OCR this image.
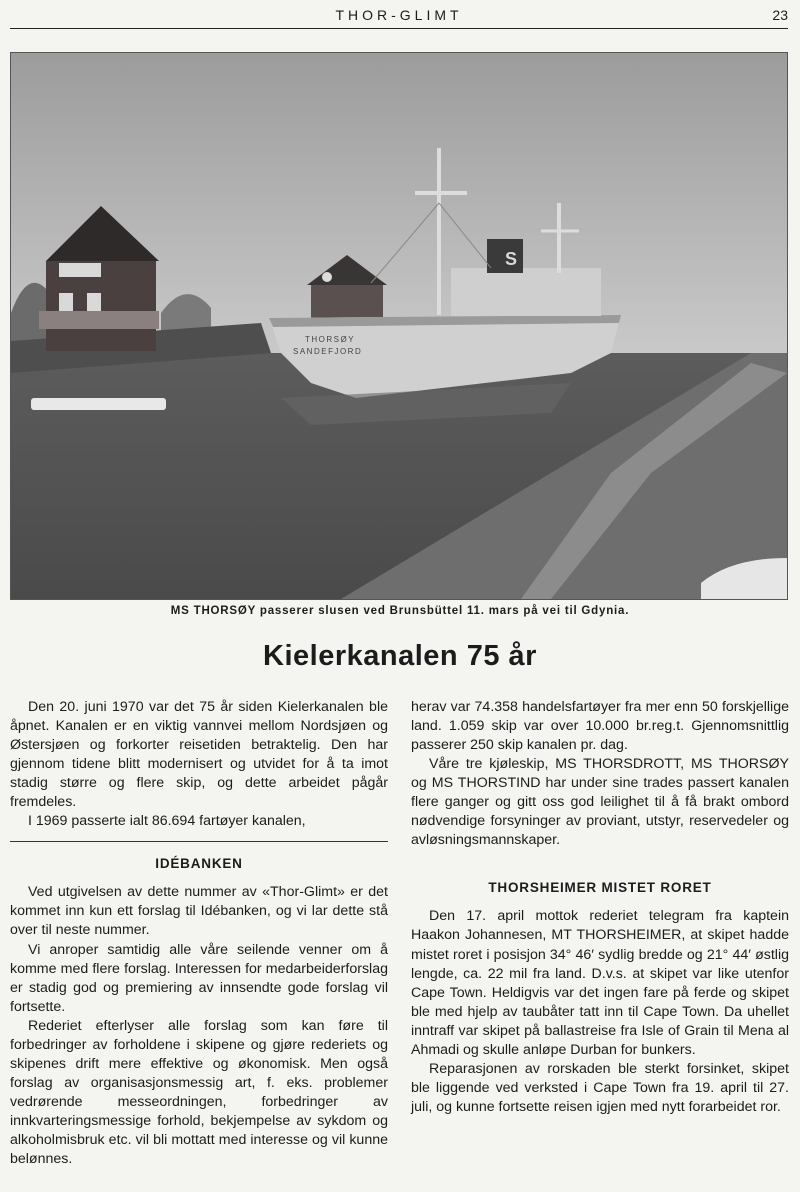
THOR-GLIMT	23
S
THORSØY
SANDEFJORD
MS THORSØY passerer slusen ved Brunsbüttel 11. mars på vei til Gdynia.
Kielerkanalen 75 år

Den 20. juni 1970 var det 75 år siden Kielerkanalen ble åpnet. Kanalen er en viktig vannvei mellom Nordsjøen og Østersjøen og forkorter reisetiden betraktelig. Den har gjennom tidene blitt modernisert og utvidet for å ta imot stadig større og flere skip, og dette arbeidet pågår fremdeles.

I 1969 passerte ialt 86.694 fartøyer kanalen,

IDÉBANKEN

Ved utgivelsen av dette nummer av «Thor-Glimt» er det kommet inn kun ett forslag til Idébanken, og vi lar dette stå over til neste nummer.

Vi anroper samtidig alle våre seilende venner om å komme med flere forslag. Interessen for medarbeiderforslag er stadig god og premiering av innsendte gode forslag vil fortsette.

Rederiet efterlyser alle forslag som kan føre til forbedringer av forholdene i skipene og gjøre rederiets og skipenes drift mere effektive og økonomisk. Men også forslag av organisasjonsmessig art, f. eks. problemer vedrørende messeordningen, forbedringer av innkvarteringsmessige forhold, bekjempelse av sykdom og alkoholmisbruk etc. vil bli mottatt med interesse og vil kunne belønnes.

herav var 74.358 handelsfartøyer fra mer enn 50 forskjellige land. 1.059 skip var over 10.000 br.reg.t. Gjennomsnittlig passerer 250 skip kanalen pr. dag.

Våre tre kjøleskip, MS THORSDROTT, MS THORSØY og MS THORSTIND har under sine trades passert kanalen flere ganger og gitt oss god leilighet til å få brakt ombord nødvendige forsyninger av proviant, utstyr, reservedeler og avløsningsmannskaper.

THORSHEIMER MISTET RORET

Den 17. april mottok rederiet telegram fra kaptein Haakon Johannesen, MT THORSHEIMER, at skipet hadde mistet roret i posisjon 34° 46′ sydlig bredde og 21° 44′ østlig lengde, ca. 22 mil fra land. D.v.s. at skipet var like utenfor Cape Town. Heldigvis var det ingen fare på ferde og skipet ble med hjelp av taubåter tatt inn til Cape Town. Da uhellet inntraff var skipet på ballastreise fra Isle of Grain til Mena al Ahmadi og skulle anløpe Durban for bunkers.

Reparasjonen av rorskaden ble sterkt forsinket, skipet ble liggende ved verksted i Cape Town fra 19. april til 27. juli, og kunne fortsette reisen igjen med nytt forarbeidet ror.
